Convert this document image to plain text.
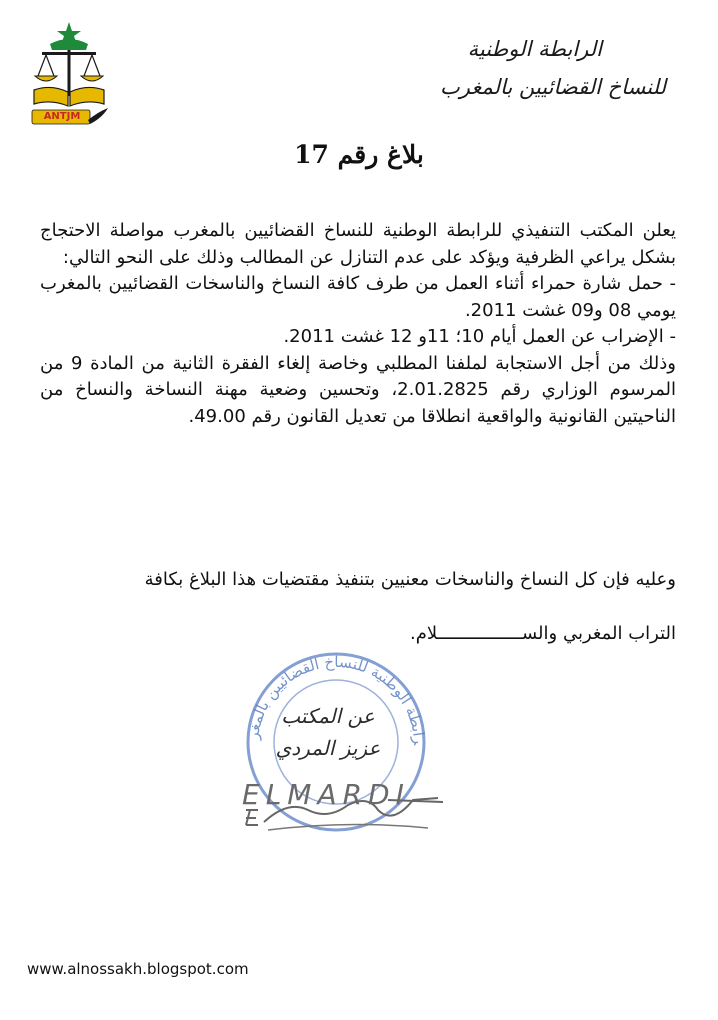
ANTJM
الرابطة الوطنية
للنساخ القضائيين بالمغرب
بلاغ رقم 17

يعلن المكتب التنفيذي للرابطة الوطنية للنساخ القضائيين بالمغرب مواصلة الاحتجاج بشكل يراعي الظرفية ويؤكد على عدم التنازل عن المطالب وذلك على النحو التالي:

- حمل شارة حمراء أثناء العمل من طرف كافة النساخ والناسخات القضائيين بالمغرب يومي 08 و09 غشت 2011.

- الإضراب عن العمل أيام 10؛ 11و 12 غشت 2011.

وذلك من أجل الاستجابة لملفنا المطلبي وخاصة إلغاء الفقرة الثانية من المادة 9 من المرسوم الوزاري رقم 2.01.2825، وتحسين وضعية مهنة النساخة والنساخ من الناحيتين القانونية والواقعية انطلاقا من تعديل القانون رقم 49.00.

وعليه فإن كل النساخ والناسخات معنيين بتنفيذ مقتضيات هذا البلاغ بكافة

التراب المغربي والســــــــــــــــلام.

رابطة الوطنية للنساخ القضائيين بالمغر
عن المكتب
عزيز المردي
ELMARDI
www.alnossakh.blogspot.com
